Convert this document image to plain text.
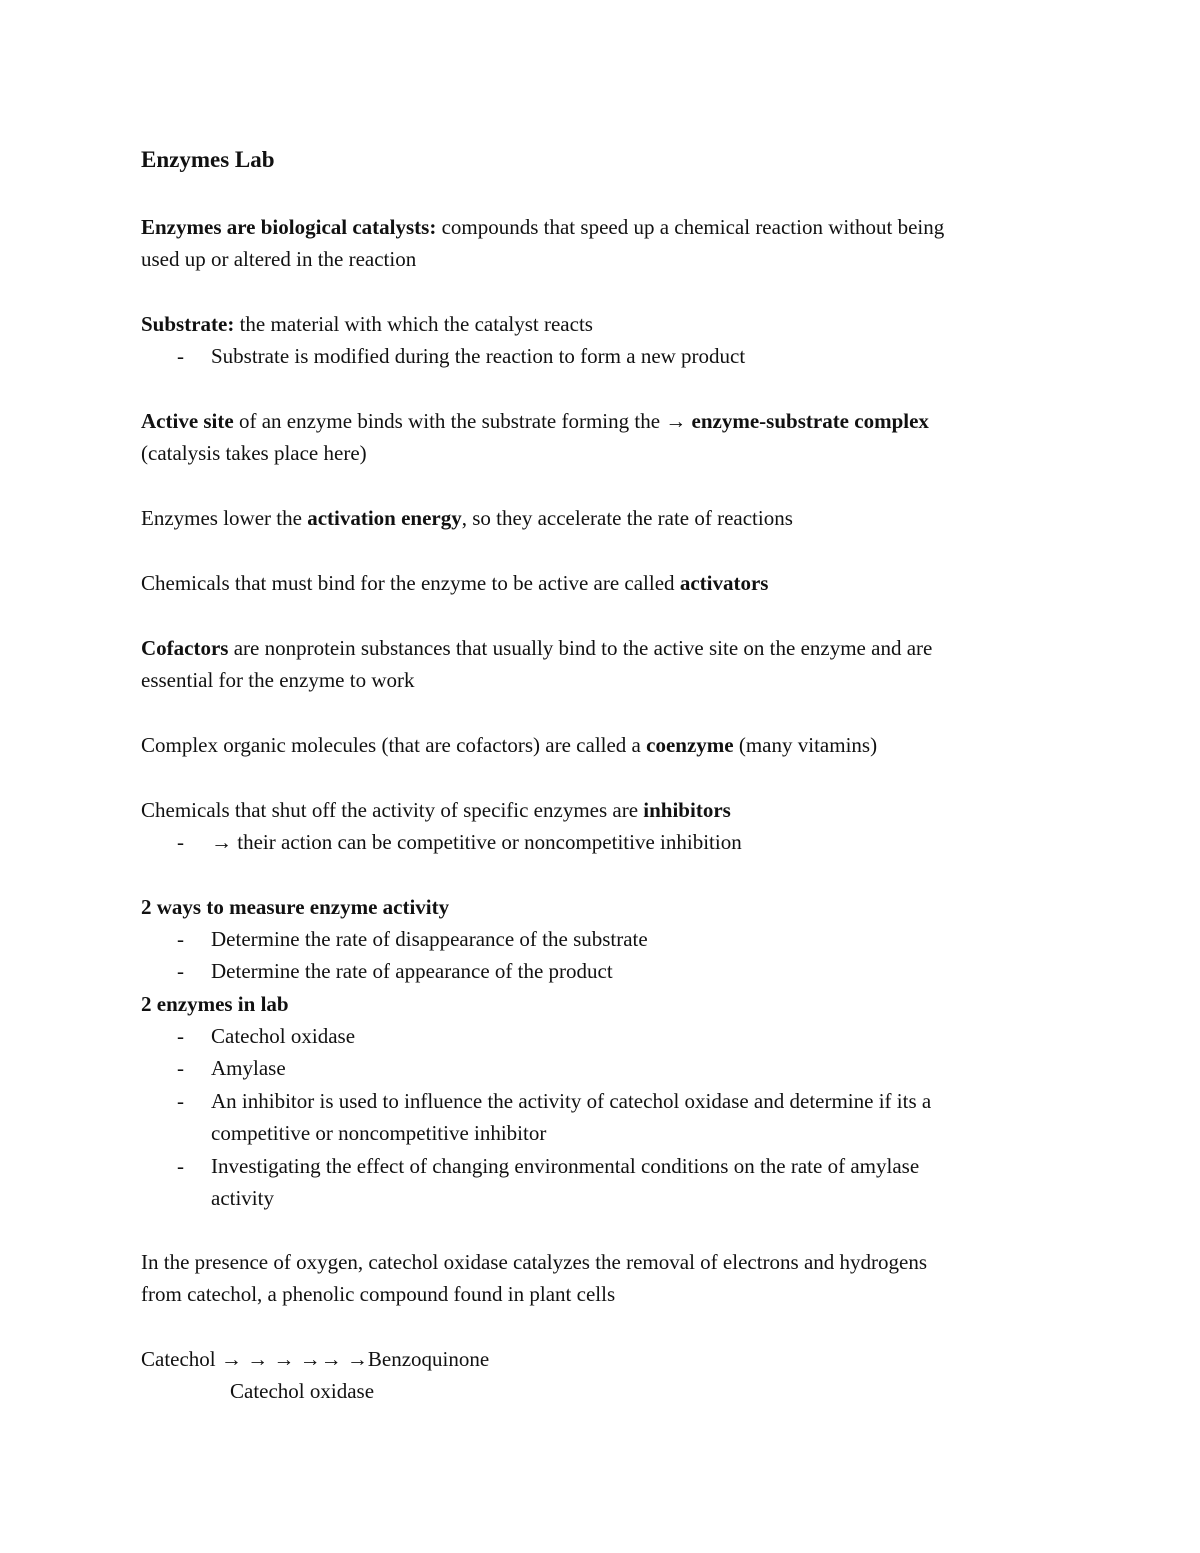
Enzymes Lab
Enzymes are biological catalysts: compounds that speed up a chemical reaction without being
used up or altered in the reaction
Substrate: the material with which the catalyst reacts
- Substrate is modified during the reaction to form a new product
Active site of an enzyme binds with the substrate forming the → enzyme-substrate complex
(catalysis takes place here)
Enzymes lower the activation energy, so they accelerate the rate of reactions
Chemicals that must bind for the enzyme to be active are called activators
Cofactors are nonprotein substances that usually bind to the active site on the enzyme and are
essential for the enzyme to work
Complex organic molecules (that are cofactors) are called a coenzyme (many vitamins)
Chemicals that shut off the activity of specific enzymes are inhibitors
- → their action can be competitive or noncompetitive inhibition
2 ways to measure enzyme activity
- Determine the rate of disappearance of the substrate
- Determine the rate of appearance of the product
2 enzymes in lab
- Catechol oxidase
- Amylase
- An inhibitor is used to influence the activity of catechol oxidase and determine if its a
competitive or noncompetitive inhibitor
- Investigating the effect of changing environmental conditions on the rate of amylase
activity
In the presence of oxygen, catechol oxidase catalyzes the removal of electrons and hydrogens
from catechol, a phenolic compound found in plant cells
Catechol → → → →→ →Benzoquinone
Catechol oxidase
